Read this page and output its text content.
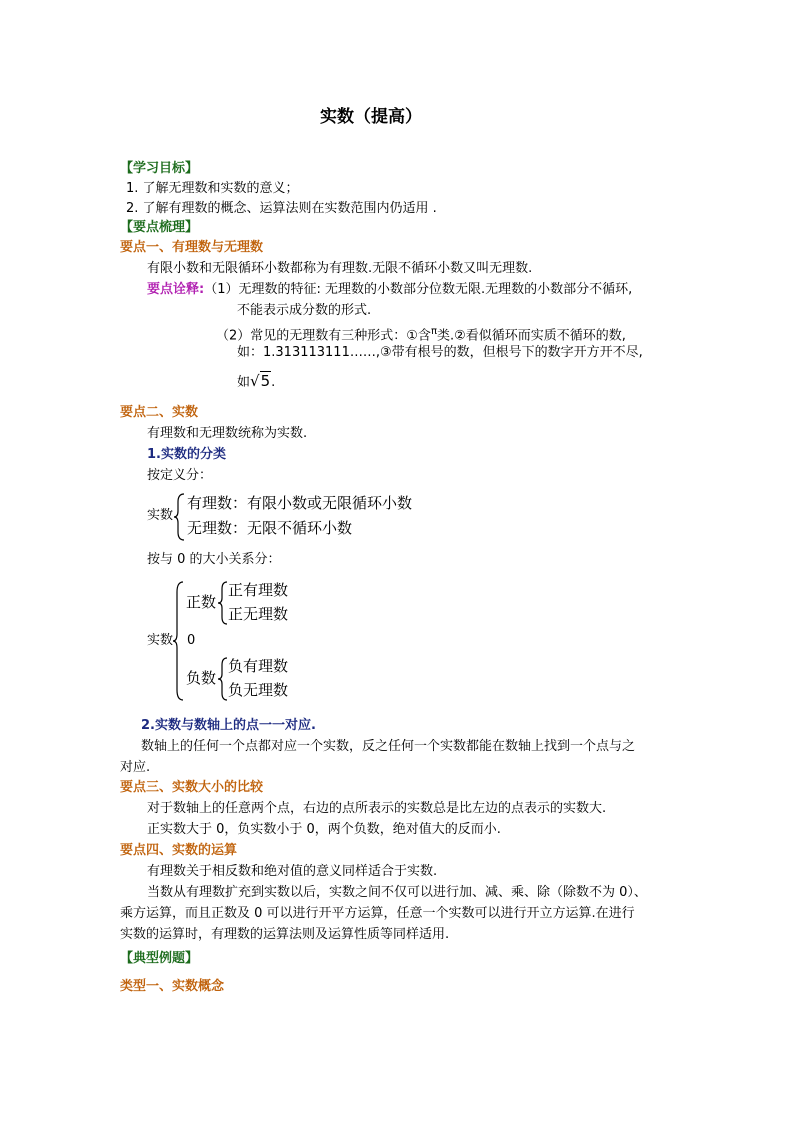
实数（提高）
【学习目标】
1. 了解无理数和实数的意义；
2. 了解有理数的概念、运算法则在实数范围内仍适用 .
【要点梳理】
要点一、有理数与无理数
有限小数和无限循环小数都称为有理数.无限不循环小数又叫无理数.
要点诠释:（1）无理数的特征: 无理数的小数部分位数无限.无理数的小数部分不循环,
不能表示成分数的形式.
（2）常见的无理数有三种形式：①含$^\pi$类.②看似循环而实质不循环的数,
如：1.313113111……,③带有根号的数，但根号下的数字开方开不尽,
如√5.
要点二、实数
有理数和无理数统称为实数.
1.实数的分类
按定义分：
实数
有理数：有限小数或无限循环小数
无理数：无限不循环小数
按与 0 的大小关系分：
实数
正数
正有理数
正无理数
0
负数
负有理数
负无理数
2.实数与数轴上的点一一对应.
数轴上的任何一个点都对应一个实数，反之任何一个实数都能在数轴上找到一个点与之
对应.
要点三、实数大小的比较
对于数轴上的任意两个点，右边的点所表示的实数总是比左边的点表示的实数大.
正实数大于 0，负实数小于 0，两个负数，绝对值大的反而小.
要点四、实数的运算
有理数关于相反数和绝对值的意义同样适合于实数.
当数从有理数扩充到实数以后，实数之间不仅可以进行加、减、乘、除（除数不为 0）、
乘方运算，而且正数及 0 可以进行开平方运算，任意一个实数可以进行开立方运算.在进行
实数的运算时，有理数的运算法则及运算性质等同样适用.
【典型例题】
类型一、实数概念
